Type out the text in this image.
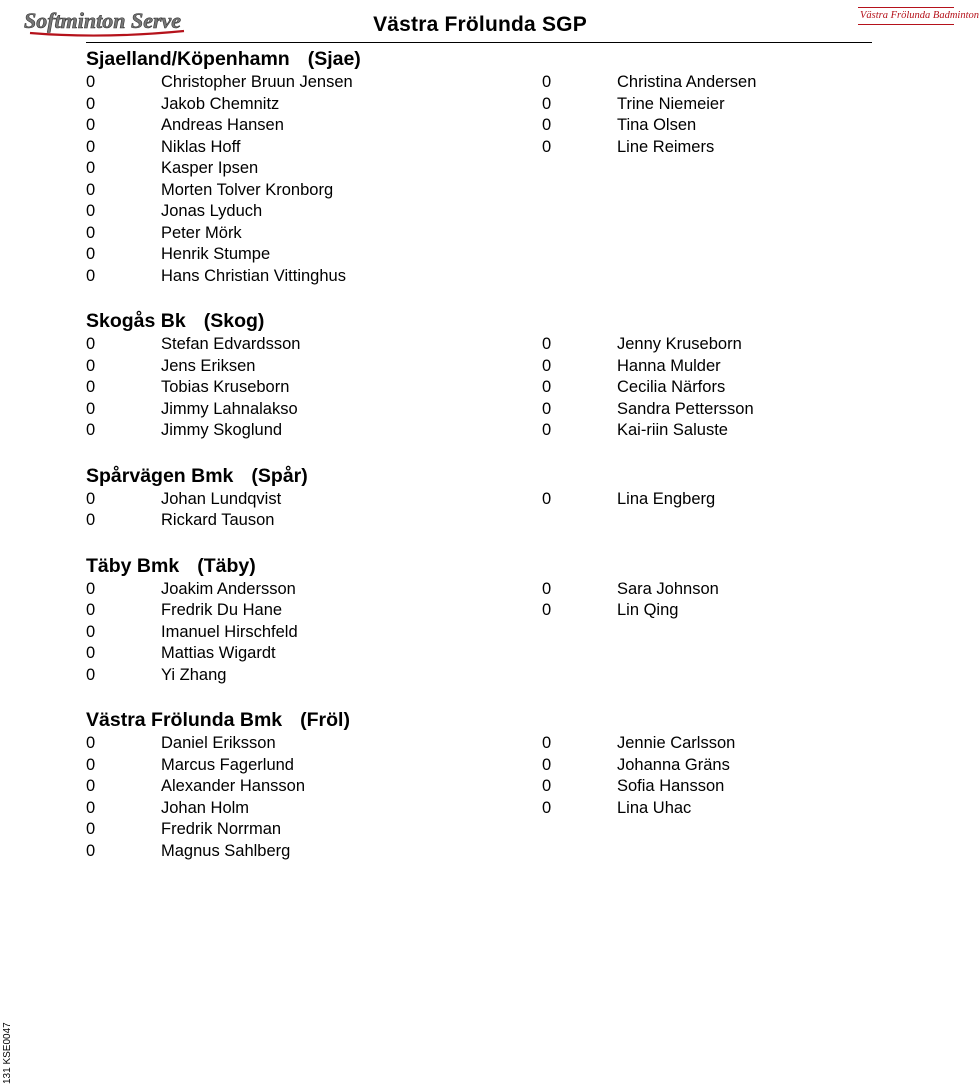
Softminton Serve	Västra Frölunda SGP	Västra Frölunda Badminton
Sjaelland/Köpenhamn (Sjae)
0	Christopher Bruun Jensen	0	Christina Andersen
0	Jakob Chemnitz	0	Trine Niemeier
0	Andreas Hansen	0	Tina Olsen
0	Niklas Hoff	0	Line Reimers
0	Kasper Ipsen
0	Morten Tolver Kronborg
0	Jonas Lyduch
0	Peter Mörk
0	Henrik Stumpe
0	Hans Christian Vittinghus
Skogås Bk (Skog)
0	Stefan Edvardsson	0	Jenny Kruseborn
0	Jens Eriksen	0	Hanna Mulder
0	Tobias Kruseborn	0	Cecilia Närfors
0	Jimmy Lahnalakso	0	Sandra Pettersson
0	Jimmy Skoglund	0	Kai-riin Saluste
Spårvägen Bmk (Spår)
0	Johan Lundqvist	0	Lina Engberg
0	Rickard Tauson
Täby Bmk (Täby)
0	Joakim Andersson	0	Sara Johnson
0	Fredrik Du Hane	0	Lin Qing
0	Imanuel Hirschfeld
0	Mattias Wigardt
0	Yi Zhang
Västra Frölunda Bmk (Fröl)
0	Daniel Eriksson	0	Jennie Carlsson
0	Marcus Fagerlund	0	Johanna Gräns
0	Alexander Hansson	0	Sofia Hansson
0	Johan Holm	0	Lina Uhac
0	Fredrik Norrman
0	Magnus Sahlberg
131 KSE0047
